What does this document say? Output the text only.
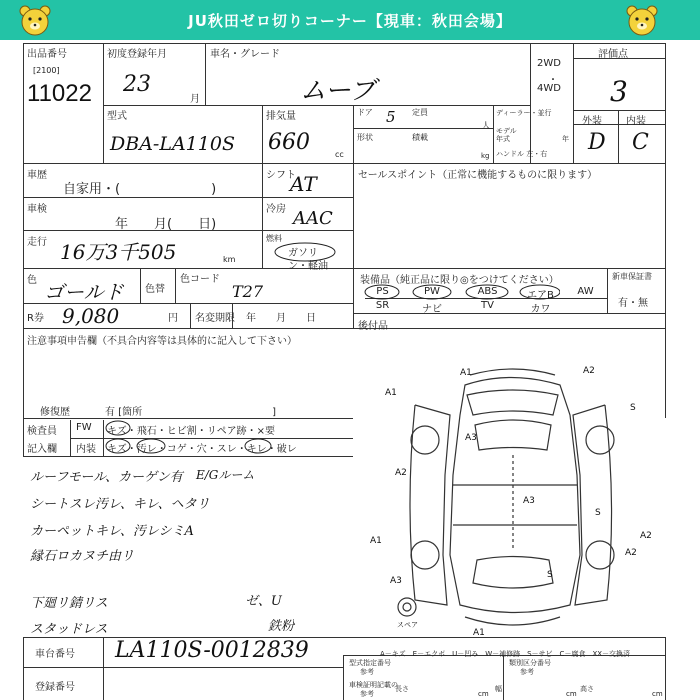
JU秋田ゼロ切りコーナー【現車：秋田会場】
出品番号
[2100]
11022
初度登録年月
23
月
車名・グレード
ムーブ
2WD
・
4WD
評価点
3
型式
DBA-LA110S
排気量
660	cc
ドア 5 定員
人
形状	積載
kg
ディーラー・並行
モデル
年式	年
ハンドル 左・右
外装 内装
D C
車歴
自家用・(　　　　　　　)
シフト
AT	セールスポイント（正常に機能するものに限ります）
車検
年　　月(　　日)
冷房 AAC
走行 16万3千505	km
燃料
ガソリン・軽油
色 ゴールド 色替
色コード
T27
R券 9,080	円 名変期限 年　　月　　日
装備品（純正品に限り◎をつけてください）
PS	PW	ABS	エアB	AW
SR	ナビ	TV	カワ
新車保証書
有・無
後付品
注意事項申告欄（不具合内容等は具体的に記入して下さい）
修復歴	有 [箇所　　　　　　　　　　　　　]
検査員
記入欄
FW キズ・飛石・ヒビ割・リペア跡・×要
内装 キズ・汚レ・コゲ・穴・スレ・キレ・破レ
ルーフモール、カーゲン有
シートスレ汚レ、キレ、ヘタリ
カーペットキレ、汚レシミA
縁石ロカヌチ由リ
下廻リ錆リス
スタッドレス
E/Gルーム
ゼ、U
鉄粉
A1	A2
S
A3
A3
A1
S
A3
A2
A2
S
A1
A1
A2
スペア
A－キズ　E－エクボ　U－凹み　W－補修跡　S－サビ　C－腐食　XX－交換済
車台番号 LA110S-0012839
登録番号
型式指定番号
参考
類別区分番号
参考
車検証明記載の
参考
長さ
cm
幅
cm
高さ
cm
